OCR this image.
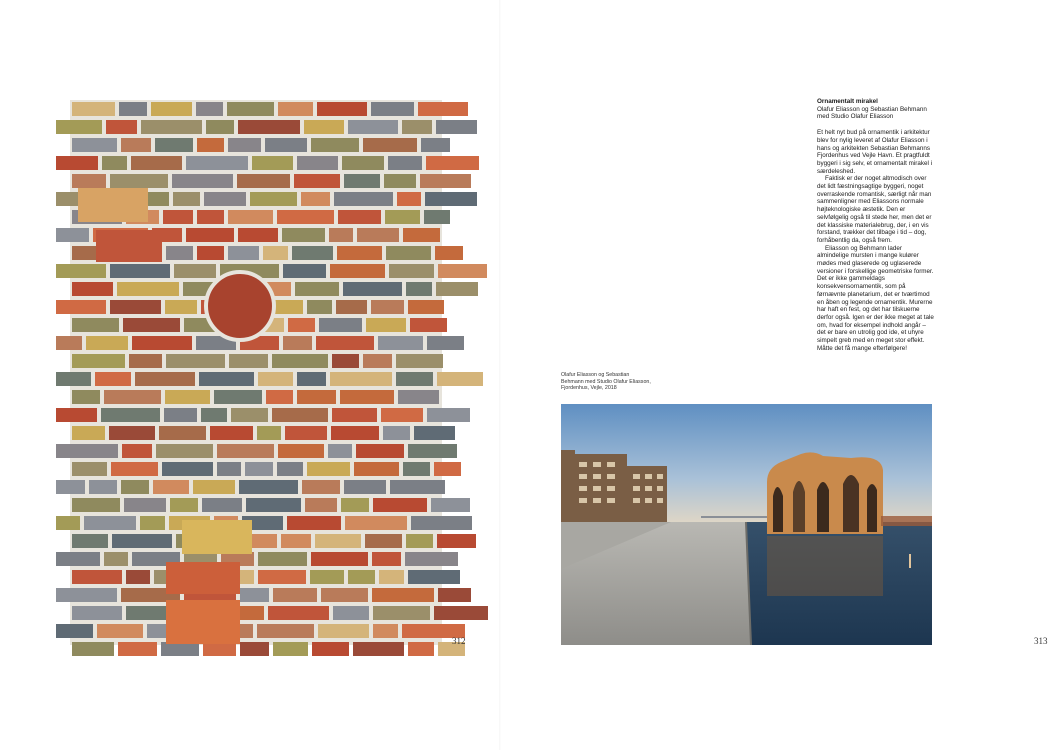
312	313
Ornamentalt mirakel
Olafur Eliasson og Sebastian Behmann med Studio Olafur Eliasson

Et helt nyt bud på ornamentik i arkitektur blev for nylig leveret af Olafur Eliasson i hans og arkitekten Sebastian Behmanns Fjordenhus ved Vejle Havn. Et pragtfuldt byggeri i sig selv, et ornamentalt mirakel i særdeleshed.

Faktisk er der noget altmodisch over det lidt fæstningsagtige byggeri, noget overraskende romantisk, særligt når man sammenligner med Eliassons normale højteknologiske æstetik. Den er selvfølgelig også til stede her, men det er det klassiske materialebrug, der, i en vis forstand, trækker det tilbage i tid – dog, forhåbentlig da, også frem.

Eliasson og Behmann lader almindelige mursten i mange kulører mødes med glaserede og uglaserede versioner i forskellige geometriske former. Det er ikke gammeldags konsekvensornamentik, som på førnævnte planetarium, det er tværtimod en åben og legende ornamentik. Murerne har haft en fest, og det har tilskuerne derfor også. Igen er der ikke meget at tale om, hvad for eksempel indhold angår – det er bare en utrolig god ide, et uhyre simpelt greb med en meget stor effekt. Måtte det få mange efterfølgere!

Olafur Eliasson og Sebastian Behmann med Studio Olafur Eliasson, Fjordenhus, Vejle, 2018
